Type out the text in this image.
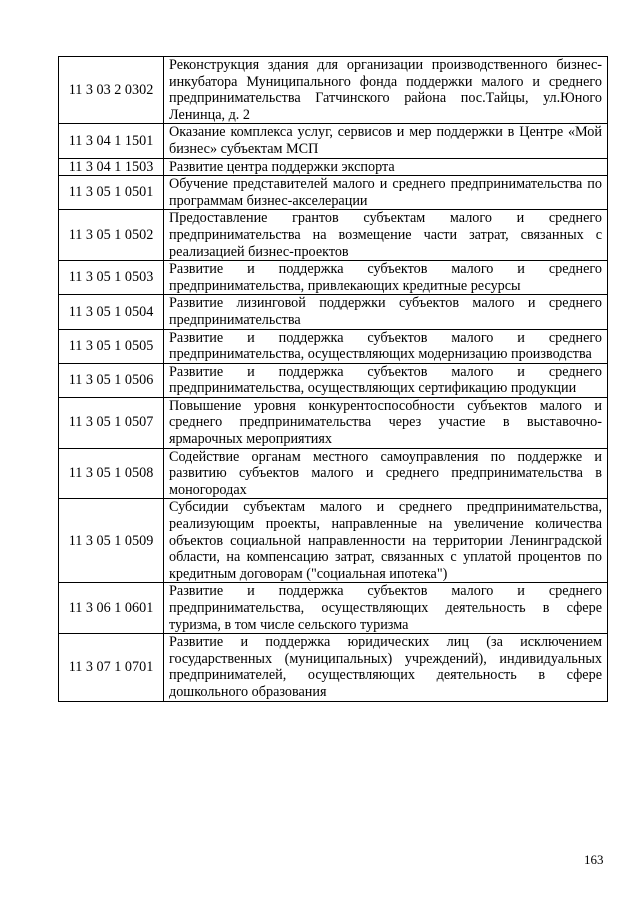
11 3 03 2 0302	Реконструкция здания для организации производственного бизнес-инкубатора Муниципального фонда поддержки малого и среднего предпринимательства Гатчинского района пос.Тайцы, ул.Юного Ленинца, д. 2
11 3 04 1 1501	Оказание комплекса услуг, сервисов и мер поддержки в Центре «Мой бизнес» субъектам МСП
11 3 04 1 1503	Развитие центра поддержки экспорта
11 3 05 1 0501	Обучение представителей малого и среднего предпринимательства по программам бизнес-акселерации
11 3 05 1 0502	Предоставление грантов субъектам малого и среднего предпринимательства на возмещение части затрат, связанных с реализацией бизнес-проектов
11 3 05 1 0503	Развитие и поддержка субъектов малого и среднего предпринимательства, привлекающих кредитные ресурсы
11 3 05 1 0504	Развитие лизинговой поддержки субъектов малого и среднего предпринимательства
11 3 05 1 0505	Развитие и поддержка субъектов малого и среднего предпринимательства, осуществляющих модернизацию производства
11 3 05 1 0506	Развитие и поддержка субъектов малого и среднего предпринимательства, осуществляющих сертификацию продукции
11 3 05 1 0507	Повышение уровня конкурентоспособности субъектов малого и среднего предпринимательства через участие в выставочно-ярмарочных мероприятиях
11 3 05 1 0508	Содействие органам местного самоуправления по поддержке и развитию субъектов малого и среднего предпринимательства в моногородах
11 3 05 1 0509	Субсидии субъектам малого и среднего предпринимательства, реализующим проекты, направленные на увеличение количества объектов социальной направленности на территории Ленинградской области, на компенсацию затрат, связанных с уплатой процентов по кредитным договорам ("социальная ипотека")
11 3 06 1 0601	Развитие и поддержка субъектов малого и среднего предпринимательства, осуществляющих деятельность в сфере туризма, в том числе сельского туризма
11 3 07 1 0701	Развитие и поддержка юридических лиц (за исключением государственных (муниципальных) учреждений), индивидуальных предпринимателей, осуществляющих деятельность в сфере дошкольного образования
163
